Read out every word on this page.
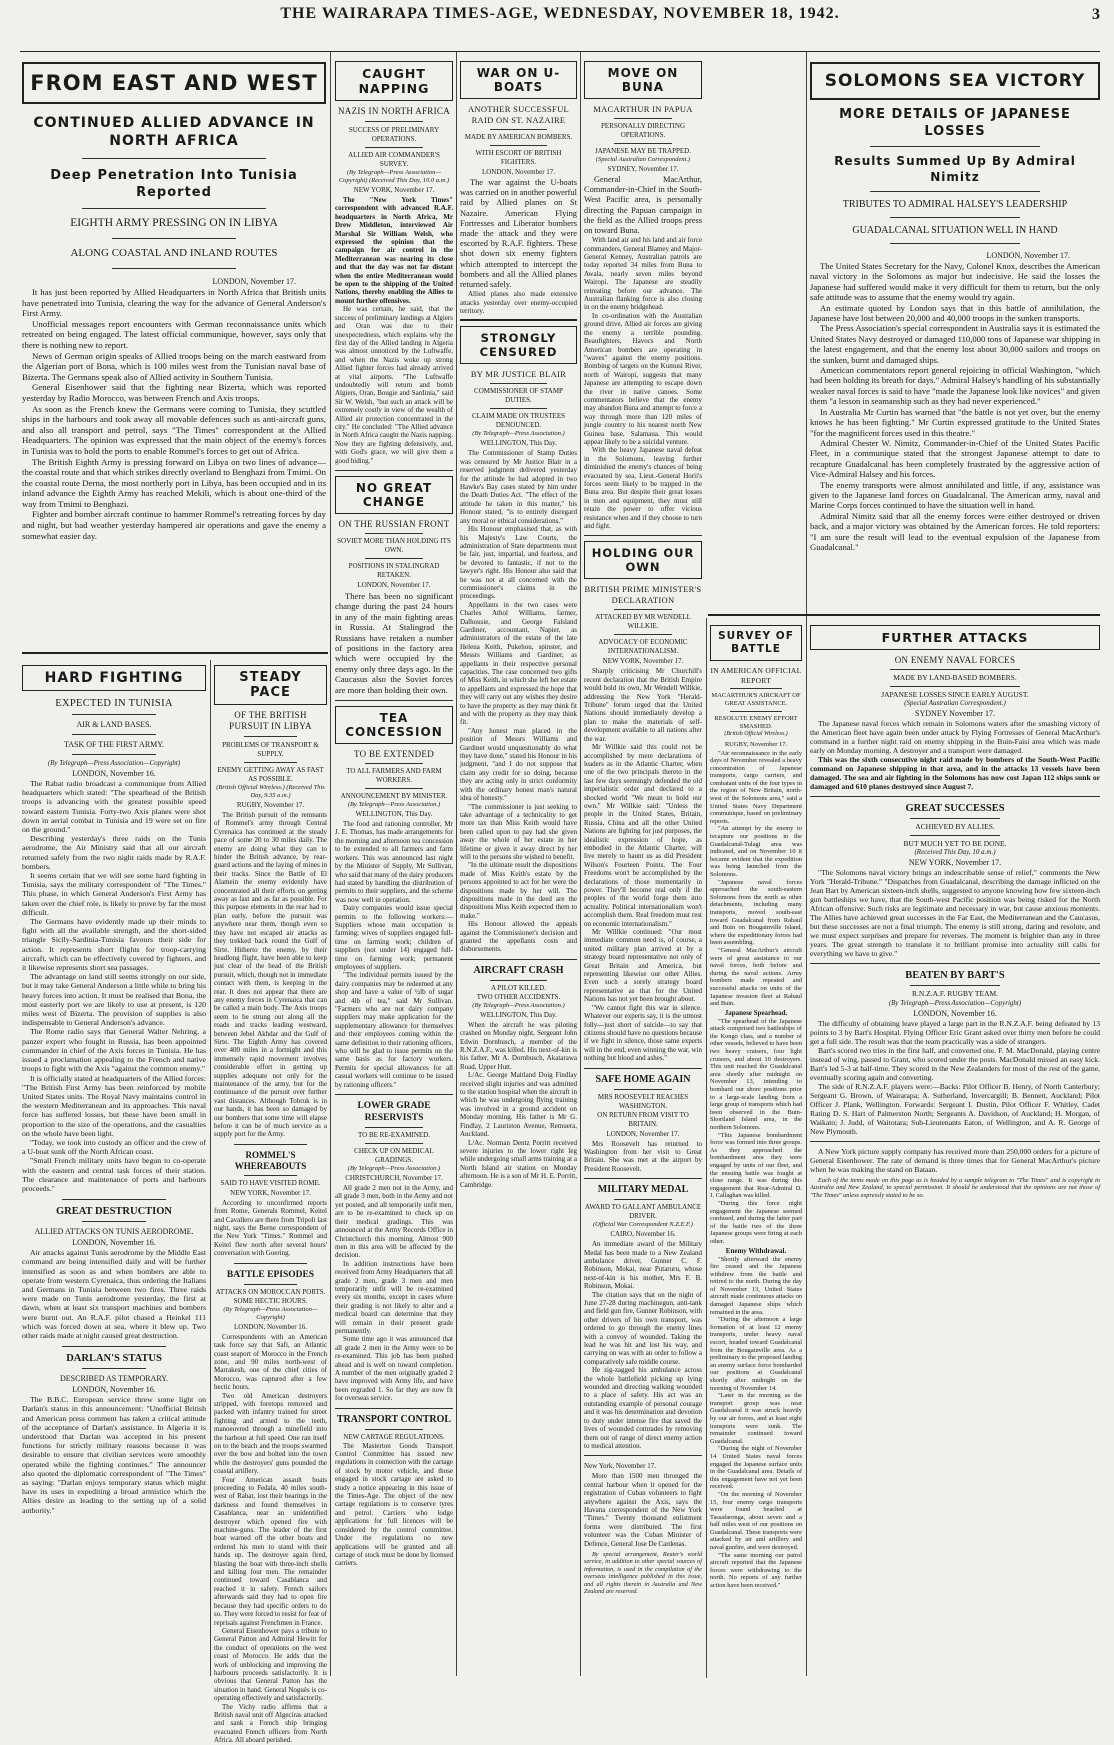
3
THE WAIRARAPA TIMES-AGE, WEDNESDAY, NOVEMBER 18, 1942.
FROM EAST AND WEST
CONTINUED ALLIED ADVANCE IN NORTH AFRICA
Deep Penetration Into Tunisia Reported
EIGHTH ARMY PRESSING ON IN LIBYA
ALONG COASTAL AND INLAND ROUTES
LONDON, November 17.

It has just been reported by Allied Headquarters in North Africa that British units have penetrated into Tunisia, clearing the way for the advance of General Anderson's First Army.

Unofficial messages report encounters with German reconnaissance units which retreated on being engaged. The latest official communique, however, says only that there is nothing new to report.

News of German origin speaks of Allied troops being on the march eastward from the Algerian port of Bona, which is 100 miles west from the Tunisian naval base of Bizerta. The Germans speak also of Allied activity in Southern Tunisia.

General Eisenhower said that the fighting near Bizerta, which was reported yesterday by Radio Morocco, was between French and Axis troops.

As soon as the French knew the Germans were coming to Tunisia, they scuttled ships in the harbours and took away all movable defences such as anti-aircraft guns, and also all transport and petrol, says "The Times" correspondent at the Allied Headquarters. The opinion was expressed that the main object of the enemy's forces in Tunisia was to hold the ports to enable Rommel's forces to get out of Africa.

The British Eighth Army is pressing forward on Libya on two lines of advance—the coastal route and that which strikes directly overland to Benghazi from Tmimi. On the coastal route Derna, the most northerly port in Libya, has been occupied and in its inland advance the Eighth Army has reached Mekili, which is about one-third of the way from Tmimi to Benghazi.

Fighter and bomber aircraft continue to hammer Rommel's retreating forces by day and night, but bad weather yesterday hampered air operations and gave the enemy a somewhat easier day.

HARD FIGHTING
EXPECTED IN TUNISIA
AIR & LAND BASES.
TASK OF THE FIRST ARMY.
(By Telegraph—Press Association—Copyright)
LONDON, November 16.

The Rabat radio broadcast a communique from Allied headquarters which stated: "The spearhead of the British troops is advancing with the greatest possible speed toward eastern Tunisia. Forty-two Axis planes were shot down in aerial combat in Tunisia and 19 were set on fire on the ground."

Describing yesterday's three raids on the Tunis aerodrome, the Air Ministry said that all our aircraft returned safely from the two night raids made by R.A.F. bombers.

It seems certain that we will see some hard fighting in Tunisia, says the military correspondent of "The Times." This phase, in which General Anderson's First Army has taken over the chief role, is likely to prove by far the most difficult.

The Germans have evidently made up their minds to fight with all the available strength, and the short-sided triangle Sicily-Sardinia-Tunisia favours their side for action. It represents short flights for troop-carrying aircraft, which can be effectively covered by fighters, and it likewise represents short sea passages.

The advantage on land still seems strongly on our side, but it may take General Anderson a little while to bring his heavy forces into action. It must be realised that Bona, the most easterly port we are likely to use at present, is 120 miles west of Bizerta. The provision of supplies is also indispensable to General Anderson's advance.

The Rome radio says that General Walter Nehring, a panzer expert who fought in Russia, has been appointed commander in chief of the Axis forces in Tunisia. He has issued a proclamation appealing to the French and native troops to fight with the Axis "against the common enemy."

It is officially stated at headquarters of the Allied forces: "The British First Army has been reinforced by mobile United States units. The Royal Navy maintains control in the western Mediterranean and its approaches. This naval force has suffered losses, but these have been small in proportion to the size of the operations, and the casualties on the whole have been light.

"Today, we took into custody an officer and the crew of a U-boat sunk off the North African coast.

"Small French military units have begun to co-operate with the eastern and central task forces of their station. The clearance and maintenance of ports and harbours proceeds."

GREAT DESTRUCTION
ALLIED ATTACKS ON TUNIS AERODROME.
LONDON, November 16.

Air attacks against Tunis aerodrome by the Middle East command are being intensified daily and will be further intensified as soon as and when bombers are able to operate from western Cyrenaica, thus ordering the Italians and Germans in Tunisia between two fires. Three raids were made on Tunis aerodrome yesterday, the first at dawn, when at least six transport machines and bombers were burnt out. An R.A.F. pilot chased a Heinkel 111 which was forced down at sea, where it blew up. Two other raids made at night caused great destruction.

DARLAN'S STATUS
DESCRIBED AS TEMPORARY.
LONDON, November 16.

The B.B.C. European service threw some light on Darlan's status in this announcement: "Unofficial British and American press comment has taken a critical attitude of the acceptance of Darlan's assistance. In Algeria it is understood that Darlan was accepted in his present functions for strictly military reasons because it was desirable to ensure that civilian services were smoothly operated while the fighting continues." The announcer also quoted the diplomatic correspondent of "The Times" as saying: "Darlan enjoys temporary status which might have its uses in expediting a broad armistice which the Allies desire as leading to the setting up of a solid authority."

STEADY PACE
OF THE BRITISH PURSUIT IN LIBYA
PROBLEMS OF TRANSPORT & SUPPLY.
ENEMY GETTING AWAY AS FAST AS POSSIBLE.
(British Official Wireless.) (Received This Day, 9.35 a.m.)
RUGBY, November 17.

The British pursuit of the remnants of Rommel's army through Central Cyrenaica has continued at the steady pace of some 20 to 30 miles daily. The enemy are doing what they can to hinder the British advance, by rear-guard actions and the laying of mines in their tracks. Since the Battle of El Alamein the enemy evidently have concentrated all their efforts on getting away as fast and as far as possible. For this purpose elements in the rear had to plan early, before the pursuit was anywhere near them, though even so they have not escaped air attacks as they trekked back round the Gulf of Sirte. Hitherto the enemy, by their headlong flight, have been able to keep just clear of the head of the British pursuit, which, though not in immediate contact with them, is keeping in the rear. It does not appear that there are any enemy forces in Cyrenaica that can be called a main body. The Axis troops seem to be strung out along all the roads and tracks leading westward, between Jebel Akhdar and the Gulf of Sirte. The Eighth Army has covered over 400 miles in a fortnight and this immensely rapid movement involves considerable effort in getting up supplies adequate not only for the maintenance of the army, but for the continuance of the pursuit over further vast distances. Although Tobruk is in our hands, it has been so damaged by our bombers that some time will elapse before it can be of much service as a supply port for the Army.

ROMMEL'S WHEREABOUTS
SAID TO HAVE VISITED ROME.
NEW YORK, November 17.

According to unconfirmed reports from Rome, Generals Rommel, Keitel and Cavallero are there from Tripoli last night, says the Berne correspondent of the New York "Times." Rommel and Keitel flew north after several hours' conversation with Goering.

BATTLE EPISODES
ATTACKS ON MOROCCAN PORTS.
SOME HECTIC HOURS.
(By Telegraph—Press Association—Copyright)
LONDON, November 16.

Correspondents with an American task force say that Safi, an Atlantic coast seaport of Morocco in the French zone, and 90 miles north-west of Marrakesh, one of the chief cities of Morocco, was captured after a few hectic hours.

Two old American destroyers stripped, with foretops removed and packed with infantry trained for street fighting and armed to the teeth, manoeuvred through a minefield into the harbour at full speed. One ran itself on to the beach and the troops swarmed over the bow and bolted into the town while the destroyers' guns pounded the coastal artillery.

Four American assault boats proceeding to Fedala, 40 miles south-west of Rabat, lost their bearings in the darkness and found themselves in Casablanca, near an unidentified destroyer which opened fire with machine-guns. The leader of the first boat warned off the other boats and ordered his men to stand with their hands up. The destroyer again fired, blasting the boat with three-inch shells and killing four men. The remainder continued toward Casablanca and reached it in safety. French sailors afterwards said they had to open fire because they had specific orders to do so. They were forced to resist for fear of reprisals against Frenchmen in France.

General Eisenhower pays a tribute to General Patton and Admiral Hewitt for the conduct of operations on the west coast of Morocco. He adds that the work of unblocking and improving the harbours proceeds satisfactorily. It is obvious that General Patton has the situation in hand. General Noguès is co-operating effectively and satisfactorily.

The Vichy radio affirms that a British naval unit off Algeciras attacked and sank a French ship bringing evacuated French officers from North Africa. All aboard perished.

CAUGHT NAPPING
NAZIS IN NORTH AFRICA
SUCCESS OF PRELIMINARY OPERATIONS.
ALLIED AIR COMMANDER'S SURVEY.
(By Telegraph—Press Association—Copyright) (Received This Day, 10.0 a.m.)
NEW YORK, November 17.

The "New York Times" correspondent with advanced R.A.F. headquarters in North Africa, Mr Drew Middleton, interviewed Air Marshal Sir William Welsh, who expressed the opinion that the campaign for air control in the Mediterranean was nearing its close and that the day was not far distant when the entire Mediterranean would be open to the shipping of the United Nations, thereby enabling the Allies to mount further offensives.

He was certain, he said, that the success of preliminary landings at Algiers and Oran was due to their unexpectedness, which explains why the first day of the Allied landing in Algeria was almost unnoticed by the Luftwaffe, and when the Nazis woke up strong Allied fighter forces had already arrived at vital airports. "The Luftwaffe undoubtedly will return and bomb Algiers, Oran, Bougie and Sardinia," said Sir W. Welsh, "but such an attack will be extremely costly in view of the wealth of Allied air protection concentrated in the city." He concluded: "The Allied advance in North Africa caught the Nazis napping. Now they are fighting defensively, and, with God's grace, we will give them a good hiding."

NO GREAT CHANGE
ON THE RUSSIAN FRONT
SOVIET MORE THAN HOLDING ITS OWN.
POSITIONS IN STALINGRAD RETAKEN.
LONDON, November 17.

There has been no significant change during the past 24 hours in any of the main fighting areas in Russia. At Stalingrad the Russians have retaken a number of positions in the factory area which were occupied by the enemy only three days ago. In the Caucasus also the Soviet forces are more than holding their own.

TEA CONCESSION
TO BE EXTENDED
TO ALL FARMERS AND FARM WORKERS.
ANNOUNCEMENT BY MINISTER.
(By Telegraph—Press Association.)
WELLINGTON, This Day.

The food and rationing controller, Mr J. E. Thomas, has made arrangements for the morning and afternoon tea concession to be extended to all farmers and farm workers. This was announced last night by the Minister of Supply, Mr Sullivan, who said that many of the dairy producers had stated by handling the distribution of permits to their suppliers, and the scheme was now well in operation.

Dairy companies would issue special permits to the following workers:—Suppliers whose main occupation is farming; wives of suppliers engaged full-time on farming work; children of suppliers (not under 14) engaged full-time on farming work; permanent employees of suppliers.

"The individual permits issued by the dairy companies may be redeemed at any shop and have a value of ½lb of sugar and 4lb of tea," said Mr Sullivan. "Farmers who are not dairy company suppliers may make application for the supplementary allowance for themselves and their employees coming within the same definition to their rationing officers, who will be glad to issue permits on the same basis as for factory workers. Permits for special allowances for all casual workers will continue to be issued by rationing officers."

LOWER GRADE RESERVISTS
TO BE RE-EXAMINED.
CHECK UP ON MEDICAL GRADINGS.
(By Telegraph—Press Association.)
CHRISTCHURCH, November 17.

All grade 2 men not in the Army, and all grade 3 men, both in the Army and not yet posted, and all temporarily unfit men, are to be re-examined to check up on their medical gradings. This was announced at the Army Records Office in Christchurch this morning. Almost 900 men in this area will be affected by the decision.

In addition instructions have been received from Army Headquarters that all grade 2 men, grade 3 men and men temporarily unfit will be re-examined every six months, except in cases where their grading is not likely to alter and a medical board can determine that they will remain in their present grade permanently.

Some time ago it was announced that all grade 2 men in the Army were to be re-examined. This job has been pushed ahead and is well on toward completion. A number of the men originally graded 2 have improved with Army life, and have been regraded 1. So far they are now fit for overseas service.

TRANSPORT CONTROL
NEW CARTAGE REGULATIONS.

The Masterton Goods Transport Control Committee has issued new regulations in connection with the cartage of stock by motor vehicle, and those engaged in stock cartage are asked to study a notice appearing in this issue of the Times-Age. The object of the new cartage regulations is to conserve tyres and petrol. Carriers who lodge applications for full licences will be considered by the control committee. Under the regulations no new applications will be granted and all cartage of stock must be done by licensed carriers.

WAR ON U-BOATS
ANOTHER SUCCESSFUL RAID ON ST. NAZAIRE
MADE BY AMERICAN BOMBERS.
WITH ESCORT OF BRITISH FIGHTERS.
LONDON, November 17.

The war against the U-boats was carried on in another powerful raid by Allied planes on St Nazaire. American Flying Fortresses and Liberator bombers made the attack and they were escorted by R.A.F. fighters. These shot down six enemy fighters which attempted to intercept the bombers and all the Allied planes returned safely.

Allied planes also made extensive attacks yesterday over enemy-occupied territory.

STRONGLY CENSURED
BY MR JUSTICE BLAIR
COMMISSIONER OF STAMP DUTIES.
CLAIM MADE ON TRUSTEES DENOUNCED.
(By Telegraph—Press Association.)
WELLINGTON, This Day.

The Commissioner of Stamp Duties was censured by Mr Justice Blair in a reserved judgment delivered yesterday for the attitude he had adopted in two Hawke's Bay cases stated by him under the Death Duties Act. "The effect of the attitude he taken in this matter," his Honour stated, "is to entirely disregard any moral or ethical considerations."

His Honour emphasised that, as with his Majesty's Law Courts, the administration of State departments must be fair, just, impartial, and fearless, and be devoted to fantastic, if not to the lawyer's right. His Honour also said that he was not at all concerned with the commissioner's claims in the proceedings.

Appellants in the two cases were Charles Athol Williams, farmer, Dalhousie, and George Falsland Gardiner, accountant, Napier, as administrators of the estate of the late Helena Keith, Pukehou, spinster, and Messrs Williams and Gardiner, as appellants in their respective personal capacities. The case concerned two gifts of Miss Keith, in which she left her estate to appellants and expressed the hope that they will carry out any wishes they desire to have the property as they may think fit and with the property as they may think fit.

"Any honest man placed in the position of Messrs Williams and Gardiner would unquestionably do what they have done," stated his Honour in his judgment, "and I do not suppose that claim any credit for so doing, because they are acting only in strict conformity with the ordinary honest man's natural idea of honesty."

"The commissioner is just seeking to take advantage of a technicality to get more tax than Miss Keith would have been called upon to pay had she given away the whole of her estate in her lifetime or given it away direct by her will to the persons she wished to benefit.

"In the ultimate result the dispositions made of Miss Keith's estate by the persons appointed to act for her were the dispositions made by her will. The dispositions made in the deed are the dispositions Miss Keith expected them to make."

His Honour allowed the appeals against the Commissioner's decision and granted the appellants costs and disbursements.

AIRCRAFT CRASH
A PILOT KILLED.
TWO OTHER ACCIDENTS.
(By Telegraph—Press Association.)
WELLINGTON, This Day.

When the aircraft he was piloting crashed on Monday night, Sergeant John Edwin Dornbusch, a member of the R.N.Z.A.F., was killed. His next-of-kin is his father, Mr A. Dornbusch, Akatarawa Road, Upper Hutt.

L/Ac. George Maitland Doig Findlay received slight injuries and was admitted to the station hospital when the aircraft in which he was undergoing flying training was involved in a ground accident on Monday morning. His father is Mr G. Findlay, 2 Lauriston Avenue, Remuera, Auckland.

L/Ac. Norman Dentz Porritt received severe injuries to the lower right leg while undergoing small arms training at a North Island air station on Monday afternoon. He is a son of Mr H. E. Porritt, Cambridge.

MOVE ON BUNA
MACARTHUR IN PAPUA
PERSONALLY DIRECTING OPERATIONS.
JAPANESE MAY BE TRAPPED.
(Special Australian Correspondent.)
SYDNEY, November 17.

General MacArthur, Commander-in-Chief in the South-West Pacific area, is personally directing the Papuan campaign in the field as the Allied troops press on toward Buna.

With land air and his land and air force commanders, General Blamey and Major-General Kenney, Australian patrols are today reported 34 miles from Buna to Awala, nearly seven miles beyond Wairopi. The Japanese are steadily retreating before our advance. The Australian flanking force is also closing in on the enemy bridgehead.

In co-ordination with the Australian ground drive, Allied air forces are giving the enemy a terrible pounding. Beaufighters, Havocs and North American bombers are operating in "waves" against the enemy positions. Bombing of targets on the Kumusi River, north of Wairopi, suggests that many Japanese are attempting to escape down the river in native canoes. Some commentators believe that the enemy may abandon Buna and attempt to force a way through more than 120 miles of jungle country to his nearest north New Guinea base, Salamaua. This would appear likely to be a suicidal venture.

With the heavy Japanese naval defeat in the Solomons, leaving further diminished the enemy's chances of being evacuated by sea, Lieut.-General Horii's forces seem likely to be trapped in the Buna area. But despite their great losses in men and equipment, they must still retain the power to offer vicious resistance when and if they choose to turn and fight.

HOLDING OUR OWN
BRITISH PRIME MINISTER'S DECLARATION
ATTACKED BY MR WENDELL WILLKIE.
ADVOCACY OF ECONOMIC INTERNATIONALISM.
NEW YORK, November 17.

Sharply criticising Mr Churchill's recent declaration that the British Empire would hold its own, Mr Wendell Willkie, addressing the New York "Herald-Tribune" forum urged that the United Nations should immediately develop a plan to make the materials of self-development available to all nations after the war.

Mr Willkie said this could not be accomplished by mere declarations of leaders as in the Atlantic Charter, when one of the two principals thereto in the last few days seemingly defended the old imperialistic order and declared to a shocked world "We mean to hold our own." Mr Willkie said: "Unless the people in the United States, Britain, Russia, China and all the other United Nations are fighting for just purposes, the idealistic expression of hope, as embodied in the Atlantic Charter, will live merely to haunt us as did President Wilson's Fourteen Points. The Four Freedoms won't be accomplished by the declarations of those momentarily in power. They'll become real only if the peoples of the world forge them into actuality. Political internationalism won't accomplish them. Real freedom must rest on economic internationalism."

Mr Willkie continued: "Our most immediate common need is, of course, a united military plan arrived at by a strategy board representative not only of Great Britain and America, but representing likewise our other Allies. Even such a sorely strategy board representative as that for the United Nations has not yet been brought about.

"We cannot fight this war in silence. Whatever our experts say, it is the utmost folly—just short of suicide—to say that citizens should have no questions because if we fight in silence, those same experts will in the end, even winning the war, win nothing but blood and ashes."

SAFE HOME AGAIN
MRS ROOSEVELT REACHES WASHINGTON.
ON RETURN FROM VISIT TO BRITAIN.
LONDON, November 17.

Mrs Roosevelt has returned to Washington from her visit to Great Britain. She was met at the airport by President Roosevelt.

MILITARY MEDAL
AWARD TO GALLANT AMBULANCE DRIVER.
(Official War Correspondent N.Z.E.F.)
CAIRO, November 16.

An immediate award of the Military Medal has been made to a New Zealand ambulance driver, Gunner C. F. Robinson, Mokai, near Putaruru, whose next-of-kin is his mother, Mrs F. B. Robinson, Mokai.

The citation says that on the night of June 27-28 during machinegun, anti-tank and field gun fire, Gunner Robinson, with other drivers of his own transport, was ordered to go through the enemy lines with a convoy of wounded. Taking the lead he was hit and lost his way, and carrying on was with an order to follow a comparatively safe middle course.

He zig-zagged his ambulance across the whole battlefield picking up lying wounded and directing walking wounded to a place of safety. His act was an outstanding example of personal courage and it was his determination and devotion to duty under intense fire that saved the lives of wounded comrades by removing them out of range of direct enemy action to medical attention.

New York, November 17.

More than 1500 men thronged the central harbour when it opened for the registration of Cuban volunteers to fight anywhere against the Axis, says the Havana correspondent of the New York "Times." Twenty thousand enlistment forms were distributed. The first volunteer was the Cuban Minister of Defence, General Jose De Cardenas.

By special arrangement, Reuter's world service, in addition to other special sources of information, is used in the compilation of the overseas intelligence published in this issue, and all rights therein in Australia and New Zealand are reserved.

SOLOMONS SEA VICTORY
MORE DETAILS OF JAPANESE LOSSES
Results Summed Up By Admiral Nimitz
TRIBUTES TO ADMIRAL HALSEY'S LEADERSHIP
GUADALCANAL SITUATION WELL IN HAND
LONDON, November 17.

The United States Secretary for the Navy, Colonel Knox, describes the American naval victory in the Solomons as major but indecisive. He said the losses the Japanese had suffered would make it very difficult for them to return, but the only safe attitude was to assume that the enemy would try again.

An estimate quoted by London says that in this battle of annihilation, the Japanese have lost between 20,000 and 40,000 troops in the sunken transports.

The Press Association's special correspondent in Australia says it is estimated the United States Navy destroyed or damaged 110,000 tons of Japanese war shipping in the latest engagement, and that the enemy lost about 30,000 sailors and troops on the sunken, burnt and damaged ships.

American commentators report general rejoicing in official Washington, "which had been holding its breath for days." Admiral Halsey's handling of his substantially weaker naval forces is said to have "made the Japanese look like novices" and given them "a lesson in seamanship such as they had never experienced."

In Australia Mr Curtin has warned that "the battle is not yet over, but the enemy knows he has been fighting." Mr Curtin expressed gratitude to the United States "for the magnificent forces used in this theatre."

Admiral Chester W. Nimitz, Commander-in-Chief of the United States Pacific Fleet, in a communique stated that the strongest Japanese attempt to date to recapture Guadalcanal has been completely frustrated by the aggressive action of Vice-Admiral Halsey and his forces.

The enemy transports were almost annihilated and little, if any, assistance was given to the Japanese land forces on Guadalcanal. The American army, naval and Marine Corps forces continued to have the situation well in hand.

Admiral Nimitz said that all the enemy forces were either destroyed or driven back, and a major victory was obtained by the American forces. He told reporters: "I am sure the result will lead to the eventual expulsion of the Japanese from Guadalcanal."

SURVEY OF BATTLE
IN AMERICAN OFFICIAL REPORT
MACARTHUR'S AIRCRAFT OF GREAT ASSISTANCE.
RESOLUTE ENEMY EFFORT SMASHED.
(British Official Wireless.)
RUGBY, November 17.

"Air reconnaissance in the early days of November revealed a heavy concentration of Japanese transports, cargo carriers, and combatant units of the four types in the region of New Britain, north-west of the Solomons area," said a United States Navy Department communique, based on preliminary reports.

"An attempt by the enemy to recapture our positions in the Guadalcanal-Tulagi area was indicated, and on November 10 it became evident that the expedition was being launched from the Solomons.

"Japanese naval forces approached the south-eastern Solomons from the north as other detachments, including many transports, moved south-east toward Guadalcanal from Rabaul and Buin on Bougainville Island, where the expeditionary forces had been assembling.

"General MacArthur's aircraft were of great assistance to our naval forces, both before and during the naval actions. Army bombers made repeated and successful attacks on units of the Japanese invasion fleet at Rabaul and Buin.

Japanese Spearhead.

"The spearhead of the Japanese attack comprised two battleships of the Kongo class, and a number of other vessels, believed to have been two heavy cruisers, four light cruisers, and about 10 destroyers. This unit reached the Guadalcanal area shortly after midnight on November 13, intending to bombard our shore positions prior to a large-scale landing from a large group of transports which had been observed in the Buin-Shortland Island area, in the northern Solomons.

"This Japanese bombardment force was formed into three groups. As they approached the bombardment area they were engaged by units of our fleet, and the ensuing battle was fought at close range. It was during this engagement that Rear-Admiral D. J. Callaghan was killed.

"During this force night engagement the Japanese seemed confused, and during the latter part of the battle two of the three Japanese groups were firing at each other.

Enemy Withdrawal.

"Shortly afterward the enemy fire ceased and the Japanese withdrew from the battle and retired to the north. During the day of November 13, United States aircraft made continuous attacks on damaged Japanese ships which remained in the area.

"During the afternoon a large formation of at least 12 enemy transports, under heavy naval escort, headed toward Guadalcanal from the Bougainville area. As a preliminary to the proposed landing an enemy surface force bombarded our positions at Guadalcanal shortly after midnight on the morning of November 14.

"Later in the morning as the transport group was near Guadalcanal it was struck heavily by our air forces, and at least eight transports were sunk. The remainder continued toward Guadalcanal.

"During the night of November 14 United States naval forces engaged the Japanese surface units in the Guadalcanal area. Details of this engagement have not yet been received.

"On the morning of November 15, four enemy cargo transports were found beached at Tassafaronga, about seven and a half miles west of our positions on Guadalcanal. These transports were attacked by air and artillery and naval gunfire, and were destroyed.

"The same morning our patrol aircraft reported that the Japanese forces were withdrawing to the north. No reports of any further action have been received."

FURTHER ATTACKS
ON ENEMY NAVAL FORCES
MADE BY LAND-BASED BOMBERS.
JAPANESE LOSSES SINCE EARLY AUGUST.
(Special Australian Correspondent.)
SYDNEY November 17.

The Japanese naval forces which remain in Solomons waters after the smashing victory of the American fleet have again been under attack by Flying Fortresses of General MacArthur's command in a further night raid on enemy shipping in the Buin-Faisi area which was made early on Monday morning. A destroyer and a transport were damaged.

This was the sixth consecutive night raid made by bombers of the South-West Pacific command on Japanese shipping in that area, and in the attacks 13 vessels have been damaged. The sea and air fighting in the Solomons has now cost Japan 112 ships sunk or damaged and 610 planes destroyed since August 7.

GREAT SUCCESSES
ACHIEVED BY ALLIES.
BUT MUCH YET TO BE DONE.
(Received This Day, 10 a.m.)
NEW YORK, November 17.

"The Solomons naval victory brings an indescribable sense of relief," comments the New York "Herald-Tribune." "Dispatches from Guadalcanal, describing the damage inflicted on the Jean Bart by American sixteen-inch shells, suggested to anyone knowing how few sixteen-inch gun battleships we have, that the South-west Pacific position was being risked for the North African offensive. Such risks are legitimate and necessary in war, but cause anxious moments. The Allies have achieved great successes in the Far East, the Mediterranean and the Caucasus, but these successes are not a final triumph. The enemy is still strong, daring and resolute, and we must expect surprises and prepare for reverses. The moment is brighter than any in three years. The great strength to translate it to brilliant promise into actuality still calls for everything we have to give."

BEATEN BY BART'S
R.N.Z.A.F. RUGBY TEAM.
(By Telegraph—Press Association—Copyright)
LONDON, November 16.

The difficulty of obtaining leave played a large part in the R.N.Z.A.F. being defeated by 13 points to 3 by Bart's Hospital. Flying Officer Eric Grant asked over thirty men before he could get a full side. The result was that the team practically was a side of strangers.

Bart's scored two tries in the first half, and converted one. F. M. MacDonald, playing centre instead of wing, passed to Grant, who scored under the posts. MacDonald missed an easy kick. Bart's led 5-3 at half-time. They scored in the New Zealanders for most of the rest of the game, eventually scoring again and converting.

The side of R.N.Z.A.F. players were:—Backs: Pilot Officer B. Henry, of North Canterbury; Sergeant G. Brown, of Wairarapa; A. Sutherland, Invercargill; B. Bennett, Auckland; Pilot Officer J. Plank, Wellington. Forwards: Sergeant I. Dustin, Pilot Officer F. Whitley, Cadet Rating D. S. Hart of Palmerston North; Sergeants A. Davidson, of Auckland; H. Morgan, of Waikato; J. Judd, of Waitotara; Sub-Lieutenants Eaton, of Wellington, and A. R. George of New Plymouth.

A New York picture supply company has received more than 250,000 orders for a picture of General Eisenhower. The rate of demand is three times that for General MacArthur's picture when he was making the stand on Bataan.

Each of the items made on this page as is headed by a sample telegram to "The Times" and is copyright in Australia and New Zealand, to special permission. It should be understood that the opinions are not those of "The Times" unless expressly stated to be so.
